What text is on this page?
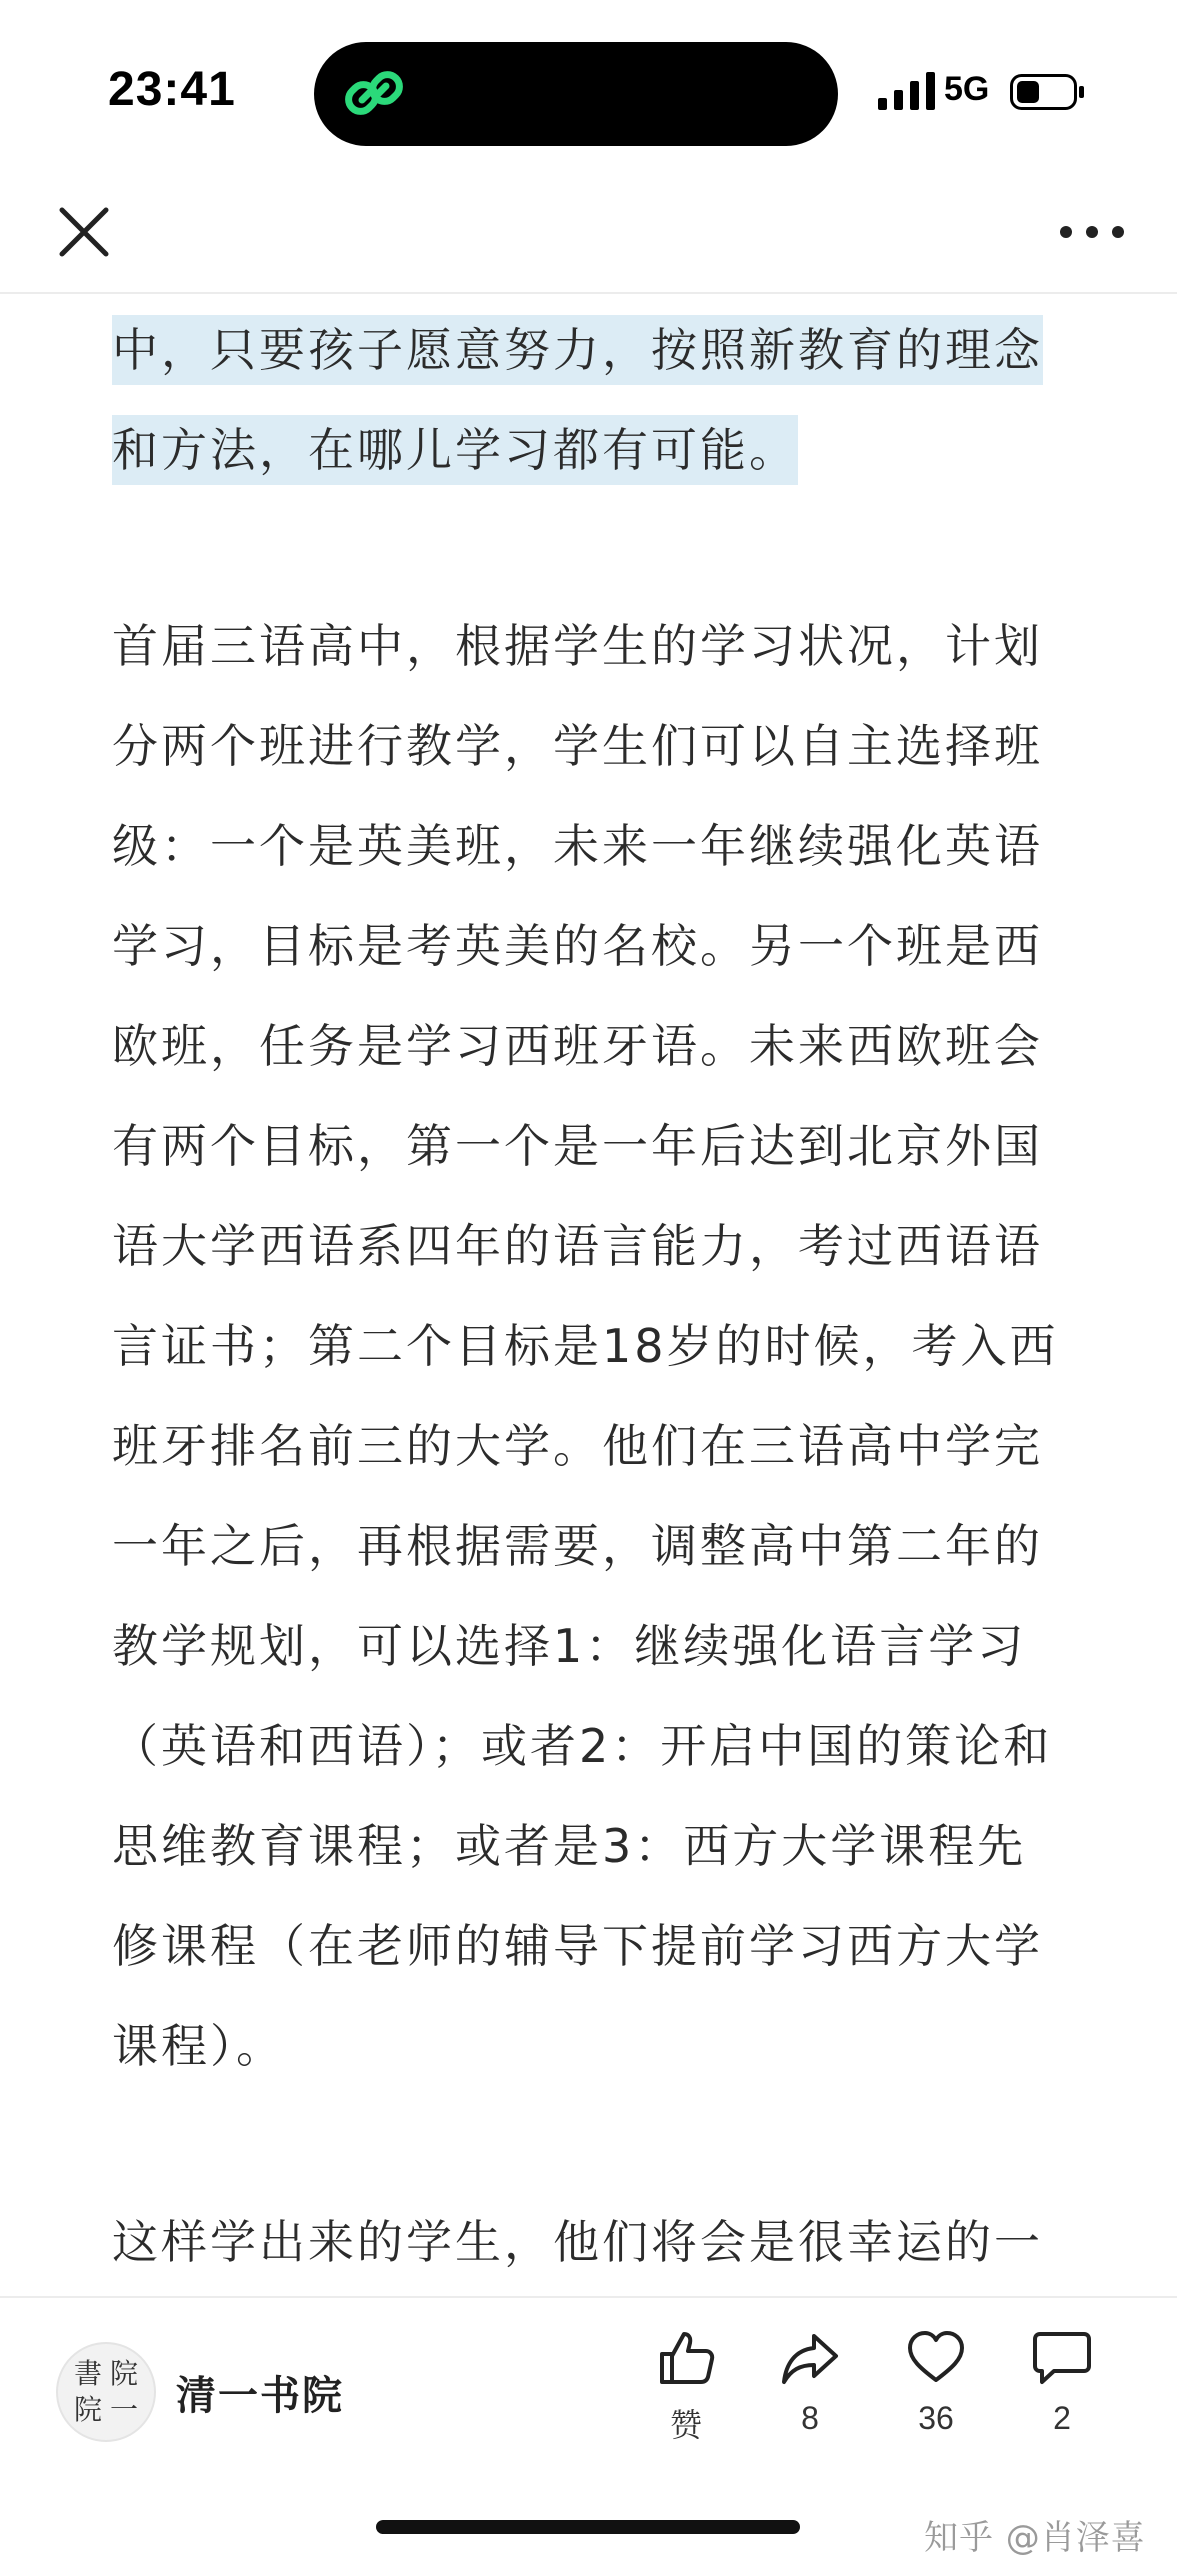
23:41	5G

中，只要孩子愿意努力，按照新教育的理念和方法，在哪儿学习都有可能。

首届三语高中，根据学生的学习状况，计划分两个班进行教学，学生们可以自主选择班级：一个是英美班，未来一年继续强化英语学习，目标是考英美的名校。另一个班是西欧班，任务是学习西班牙语。未来西欧班会有两个目标，第一个是一年后达到北京外国语大学西语系四年的语言能力，考过西语语言证书；第二个目标是18岁的时候，考入西班牙排名前三的大学。他们在三语高中学完一年之后，再根据需要，调整高中第二年的教学规划，可以选择1：继续强化语言学习（英语和西语）；或者2：开启中国的策论和思维教育课程；或者是3：西方大学课程先修课程（在老师的辅导下提前学习西方大学课程）。

这样学出来的学生，他们将会是很幸运的一

書 院
院 一 清一书院
赞	8	36	2
知乎 @肖泽喜
